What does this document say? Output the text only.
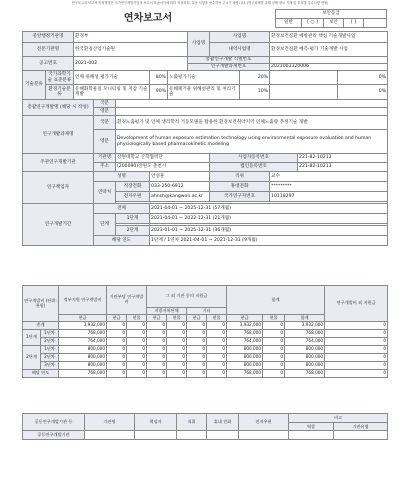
연구보고서 보고서 작성방법은 국가연구개발사업의 보고서 표준서식에 따라 작성하되, 다음 사항을 준수하여 주시기 바랍니다. (연구과제별 과제 상세 정보 기재 및 부처별 특수사항 반영)
연차보고서		보안등급
일반	[ ○ ]	보안	[ ]	
중앙행정기관명		환경부					사업명	사업명		환경보건질환 예방관리 핵심 기술개발사업		
전문기관명		한국환경산업기술원						내역사업명		환경보건질환 예측·평가 기술개발 사업		
공고번호		2021-002					총괄연구개발 식별번호					
							연구개발과제번호			2021003320006		
기술분류	국가과학기술 표준분류	인체 위해성 평가기술			80%	노출평가기술			20%			0%
	환경기술분류	유해화학물질 모니터링 및 저감 기술 개발			90%	유해폐기물 위해성관리 및 처리기술			10%			0%
총괄연구개발명 (해당 시 작성)			국문									
			영문									
연구개발과제명			국문	환경노출평가 및 인체 생리학적 거동모델을 활용한 환경보건취약지역 인체노출량 추정기술 개발								
			영문	Development of human exposure estimation technology using environmental exposure evaluation and human physiologically based pharmacokinetic modeling								
주관연구개발기관			기관명	강원대학교 산학협력단				사업자등록번호			221-82-10213	
			주소	(200090)강원도 춘천시				법인등록번호			221-82-10213	
연구책임자			성명		안성훈			직위		교수		
			연락처	직장전화	033-250-6912			휴대전화		*********		
				전자우편	ahnsh@kangwon.ac.kr			국가연구자번호		10118297		

연구개발기간			전체		2021-04-01 ~ 2025-12-31 (57개월)							
			단계	1단계	2021-04-01 ~ 2022-12-31 (21개월)							

				2단계	2023-01-01 ~ 2025-12-31 (36개월)							
			해당 연도		1단계 / 1연차 2021-04-01 ~ 2021-12-31 (9개월)							
연구개발비 (단위: 천원)		정부지원 연구개발비	기관부담 연구개발비		그 외 기관 등의 지원금				합계			연구개발비 외 지원금
					지방자치단체		기타					
		현금	현금	현물	현금	현물	현금	현물	현금	현물	합계	
총계		3,932,000	0	0	0	0	0	0	3,932,000	0	3,932,000	0
1단계	1년차	768,000	0	0	0	0	0	0	768,000	0	768,000	0
	2년차	764,000	0	0	0	0	0	0	764,000	0	764,000	0
2단계	1년차	800,000	0	0	0	0	0	0	800,000	0	800,000	0
	2년차	800,000	0	0	0	0	0	0	800,000	0	800,000	0
	3년차	800,000	0	0	0	0	0	0	800,000	0	800,000	0
해당 연도		768,000	0	0	0	0	0	0	768,000	0	768,000	0
공동연구개발기관 등	기관명	책임자	직위	휴대 전화	전자우편	비고	
						역할	기관유형
공동연구개발기관							
